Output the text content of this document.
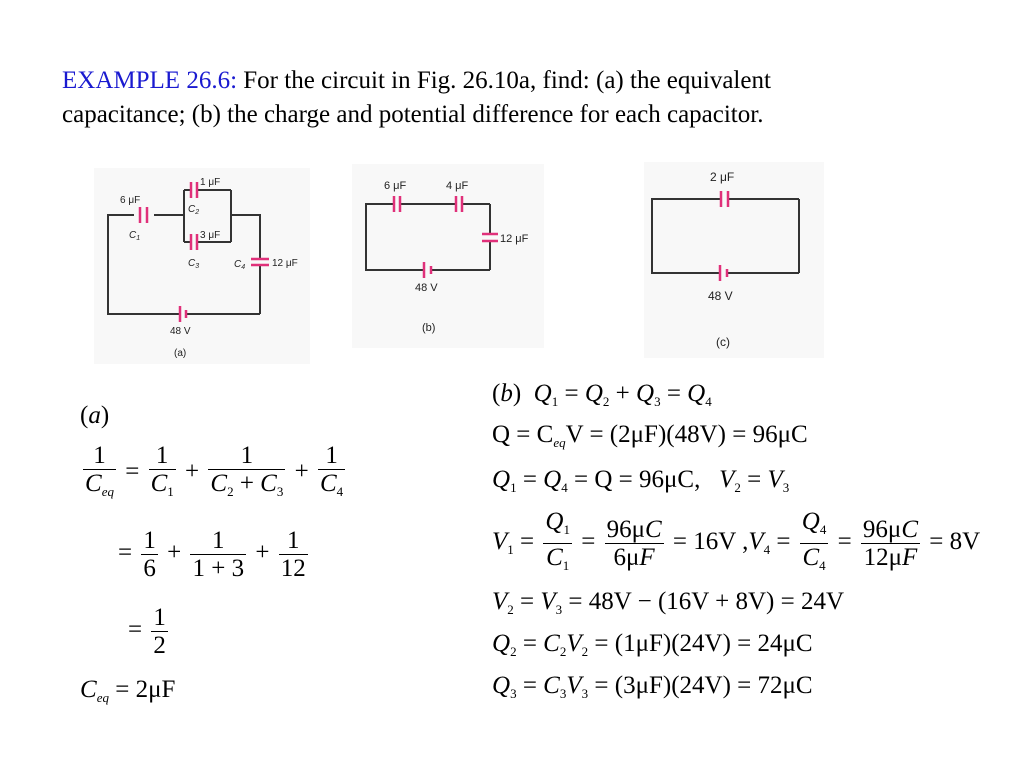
EXAMPLE 26.6: For the circuit in Fig. 26.10a, find: (a) the equivalent
capacitance; (b) the charge and potential difference for each capacitor.
6 μF
$C_1$
1 μF
$C_2$
3 μF
$C_3$	$C_4$	12 μF
48 V
(a)
6 μF	4 μF
12 μF
48 V
(b)
2 μF
48 V
(c)
(a)
$\frac{1}{C_{eq}} = \frac{1}{C_1} + \frac{1}{C_2 + C_3} + \frac{1}{C_4}$
= $\frac{1}{6} + \frac{1}{1 + 3} + \frac{1}{12}$
= $\frac{1}{2}$
$C_{eq} = 2\mu F$
(b)  $Q_1 = Q_2 + Q_3 = Q_4$
$Q = C_{eq}V = (2\mu F)(48V) = 96\mu C$
$Q_1 = Q_4 = Q = 96\mu C$, $V_2 = V_3$
$V_1 = \frac{Q_1}{C_1} = \frac{96\mu C}{6\mu F} = 16V$ $,V_4 = \frac{Q_4}{C_4} = \frac{96\mu C}{12\mu F} = 8V$
$V_2 = V_3 = 48V - (16V + 8V) = 24V$
$Q_2 = C_2V_2 = (1\mu F)(24V) = 24\mu C$
$Q_3 = C_3V_3 = (3\mu F)(24V) = 72\mu C$
